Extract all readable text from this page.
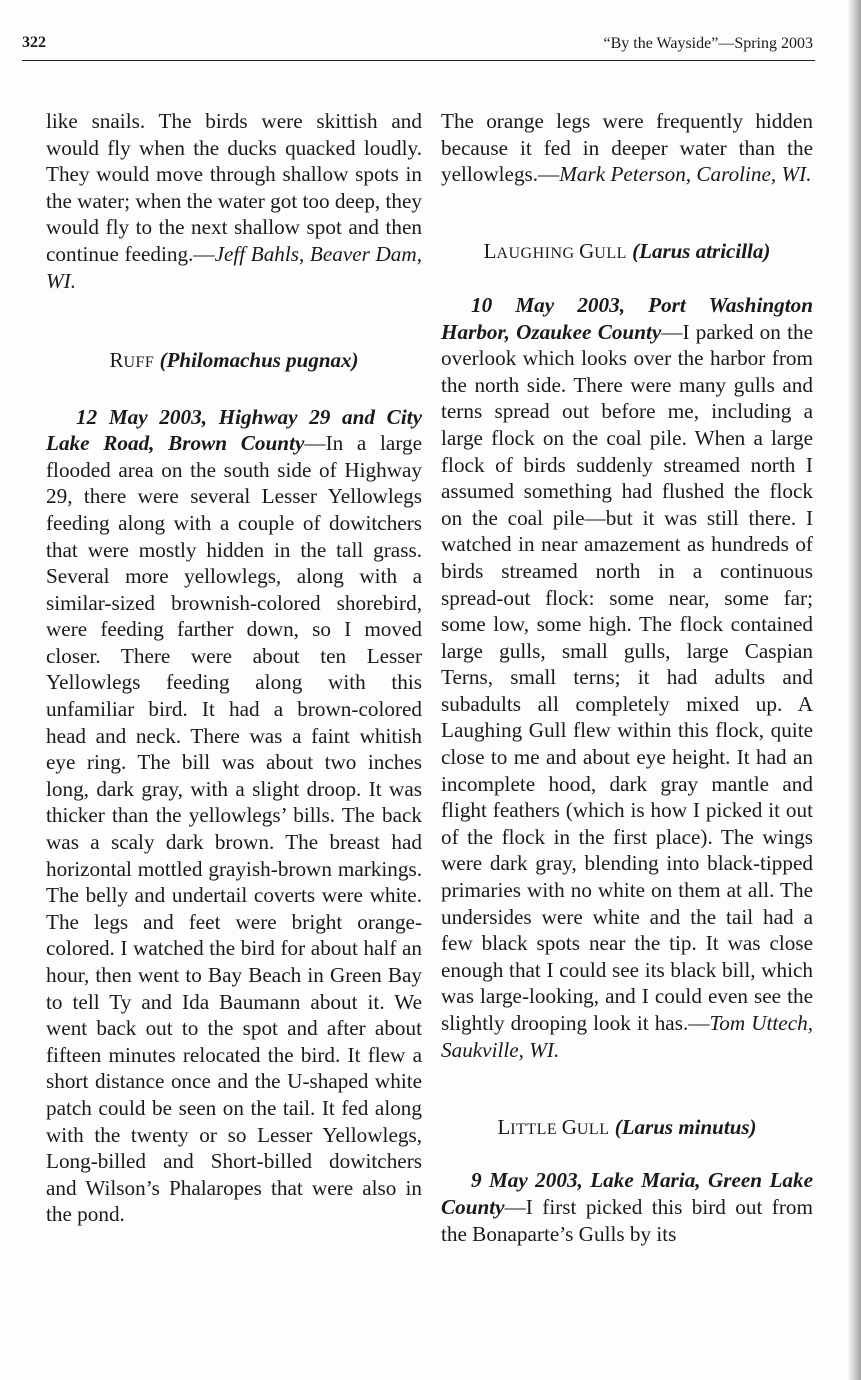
322	“By the Wayside”—Spring 2003

like snails. The birds were skittish and would fly when the ducks quacked loudly. They would move through shallow spots in the water; when the water got too deep, they would fly to the next shallow spot and then continue feeding.—Jeff Bahls, Beaver Dam, WI.

RUFF (Philomachus pugnax)

12 May 2003, Highway 29 and City Lake Road, Brown County—In a large flooded area on the south side of Highway 29, there were several Lesser Yellowlegs feeding along with a couple of dowitchers that were mostly hidden in the tall grass. Several more yellowlegs, along with a similar-sized brownish-colored shorebird, were feeding farther down, so I moved closer. There were about ten Lesser Yellowlegs feeding along with this unfamiliar bird. It had a brown-colored head and neck. There was a faint whitish eye ring. The bill was about two inches long, dark gray, with a slight droop. It was thicker than the yellowlegs’ bills. The back was a scaly dark brown. The breast had horizontal mottled grayish-brown markings. The belly and undertail coverts were white. The legs and feet were bright orange-colored. I watched the bird for about half an hour, then went to Bay Beach in Green Bay to tell Ty and Ida Baumann about it. We went back out to the spot and after about fifteen minutes relocated the bird. It flew a short distance once and the U-shaped white patch could be seen on the tail. It fed along with the twenty or so Lesser Yellowlegs, Long-billed and Short-billed dowitchers and Wilson’s Phalaropes that were also in the pond.

The orange legs were frequently hidden because it fed in deeper water than the yellowlegs.—Mark Peterson, Caroline, WI.

LAUGHING GULL (Larus atricilla)

10 May 2003, Port Washington Harbor, Ozaukee County—I parked on the overlook which looks over the harbor from the north side. There were many gulls and terns spread out before me, including a large flock on the coal pile. When a large flock of birds suddenly streamed north I assumed something had flushed the flock on the coal pile—but it was still there. I watched in near amazement as hundreds of birds streamed north in a continuous spread-out flock: some near, some far; some low, some high. The flock contained large gulls, small gulls, large Caspian Terns, small terns; it had adults and subadults all completely mixed up. A Laughing Gull flew within this flock, quite close to me and about eye height. It had an incomplete hood, dark gray mantle and flight feathers (which is how I picked it out of the flock in the first place). The wings were dark gray, blending into black-tipped primaries with no white on them at all. The undersides were white and the tail had a few black spots near the tip. It was close enough that I could see its black bill, which was large-looking, and I could even see the slightly drooping look it has.—Tom Uttech, Saukville, WI.

LITTLE GULL (Larus minutus)

9 May 2003, Lake Maria, Green Lake County—I first picked this bird out from the Bonaparte’s Gulls by its
